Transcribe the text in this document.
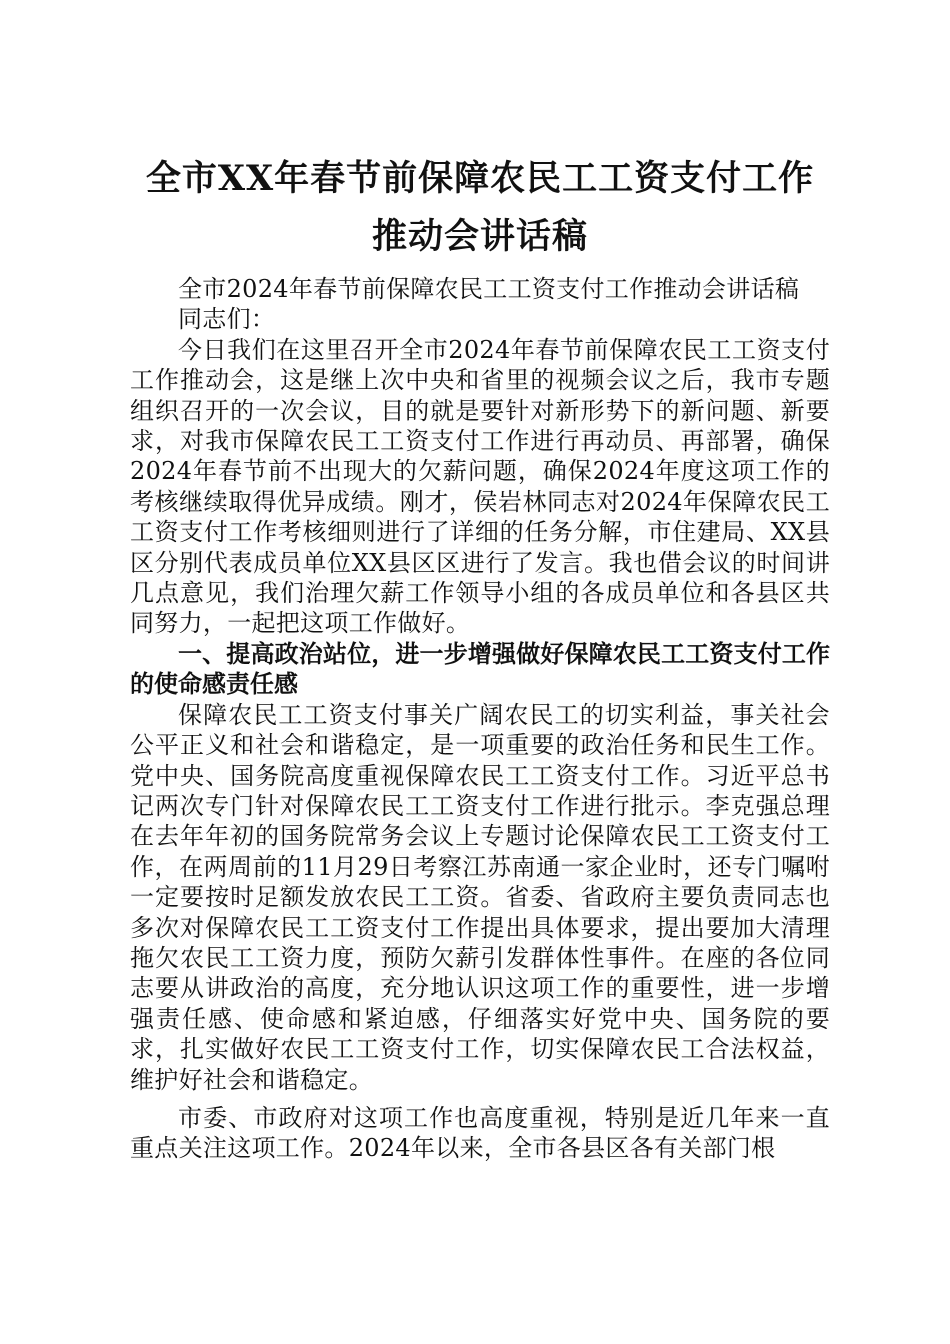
全市XX年春节前保障农民工工资支付工作推动会讲话稿

全市2024年春节前保障农民工工资支付工作推动会讲话稿

同志们：

今日我们在这里召开全市2024年春节前保障农民工工资支付工作推动会，这是继上次中央和省里的视频会议之后，我市专题组织召开的一次会议，目的就是要针对新形势下的新问题、新要求，对我市保障农民工工资支付工作进行再动员、再部署，确保2024年春节前不出现大的欠薪问题，确保2024年度这项工作的考核继续取得优异成绩。刚才，侯岩林同志对2024年保障农民工工资支付工作考核细则进行了详细的任务分解，市住建局、XX县区分别代表成员单位XX县区区进行了发言。我也借会议的时间讲几点意见，我们治理欠薪工作领导小组的各成员单位和各县区共同努力，一起把这项工作做好。

一、提高政治站位，进一步增强做好保障农民工工资支付工作的使命感责任感

保障农民工工资支付事关广阔农民工的切实利益，事关社会公平正义和社会和谐稳定，是一项重要的政治任务和民生工作。党中央、国务院高度重视保障农民工工资支付工作。习近平总书记两次专门针对保障农民工工资支付工作进行批示。李克强总理在去年年初的国务院常务会议上专题讨论保障农民工工资支付工作，在两周前的11月29日考察江苏南通一家企业时，还专门嘱咐一定要按时足额发放农民工工资。省委、省政府主要负责同志也多次对保障农民工工资支付工作提出具体要求，提出要加大清理拖欠农民工工资力度，预防欠薪引发群体性事件。在座的各位同志要从讲政治的高度，充分地认识这项工作的重要性，进一步增强责任感、使命感和紧迫感，仔细落实好党中央、国务院的要求，扎实做好农民工工资支付工作，切实保障农民工合法权益，维护好社会和谐稳定。

市委、市政府对这项工作也高度重视，特别是近几年来一直重点关注这项工作。2024年以来，全市各县区各有关部门根
